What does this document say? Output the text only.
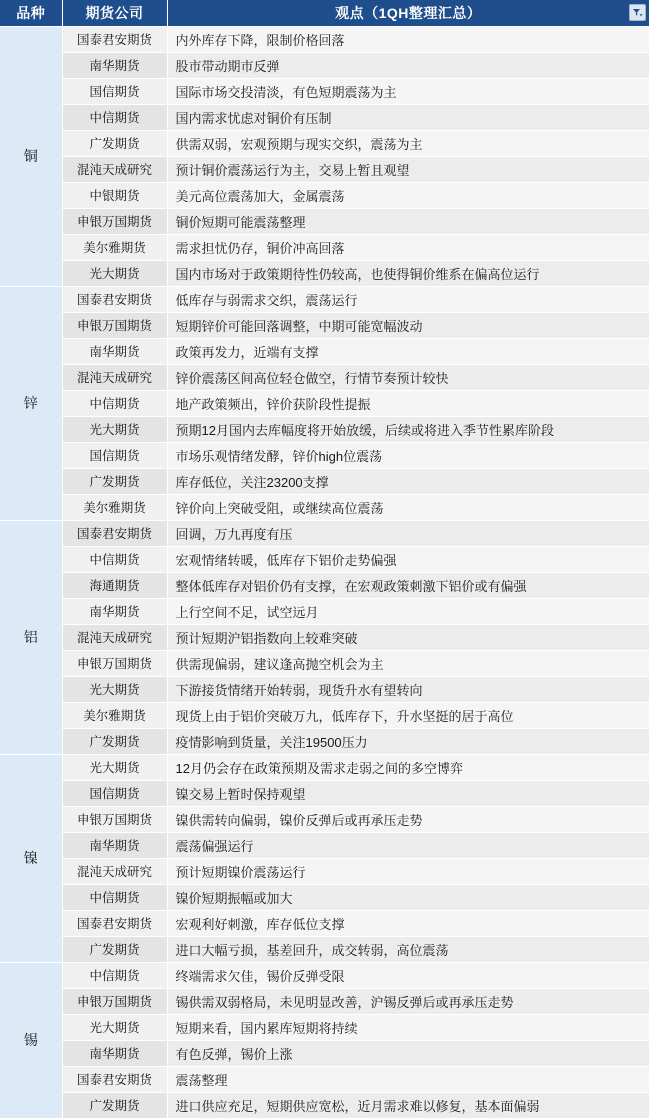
品种	期货公司	观点（1QH整理汇总）

铜	国泰君安期货	内外库存下降，限制价格回落
	南华期货	股市带动期市反弹
	国信期货	国际市场交投清淡，有色短期震荡为主
	中信期货	国内需求忧虑对铜价有压制
	广发期货	供需双弱，宏观预期与现实交织，震荡为主
	混沌天成研究	预计铜价震荡运行为主，交易上暂且观望
	中银期货	美元高位震荡加大，金属震荡
	申银万国期货	铜价短期可能震荡整理
	美尔雅期货	需求担忧仍存，铜价冲高回落
	光大期货	国内市场对于政策期待性仍较高，也使得铜价维系在偏高位运行
锌	国泰君安期货	低库存与弱需求交织，震荡运行
	申银万国期货	短期锌价可能回落调整，中期可能宽幅波动
	南华期货	政策再发力，近端有支撑
	混沌天成研究	锌价震荡区间高位轻仓做空，行情节奏预计较快
	中信期货	地产政策频出，锌价获阶段性提振
	光大期货	预期12月国内去库幅度将开始放缓，后续或将进入季节性累库阶段
	国信期货	市场乐观情绪发酵，锌价high位震荡
	广发期货	库存低位，关注23200支撑
	美尔雅期货	锌价向上突破受阻，或继续高位震荡
铝	国泰君安期货	回调，万九再度有压
	中信期货	宏观情绪转暖，低库存下铝价走势偏强
	海通期货	整体低库存对铝价仍有支撑，在宏观政策刺激下铝价或有偏强
	南华期货	上行空间不足，试空远月
	混沌天成研究	预计短期沪铝指数向上较难突破
	申银万国期货	供需现偏弱，建议逢高抛空机会为主
	光大期货	下游接货情绪开始转弱，现货升水有望转向
	美尔雅期货	现货上由于铝价突破万九，低库存下，升水坚挺的居于高位
	广发期货	疫情影响到货量，关注19500压力
镍	光大期货	12月仍会存在政策预期及需求走弱之间的多空博弈
	国信期货	镍交易上暂时保持观望
	申银万国期货	镍供需转向偏弱，镍价反弹后或再承压走势
	南华期货	震荡偏强运行
	混沌天成研究	预计短期镍价震荡运行
	中信期货	镍价短期振幅或加大
	国泰君安期货	宏观利好刺激，库存低位支撑
	广发期货	进口大幅亏损，基差回升，成交转弱，高位震荡
锡	中信期货	终端需求欠佳，锡价反弹受限
	申银万国期货	锡供需双弱格局，未见明显改善，沪锡反弹后或再承压走势
	光大期货	短期来看，国内累库短期将持续
	南华期货	有色反弹，锡价上涨
	国泰君安期货	震荡整理
	广发期货	进口供应充足，短期供应宽松，近月需求难以修复，基本面偏弱
